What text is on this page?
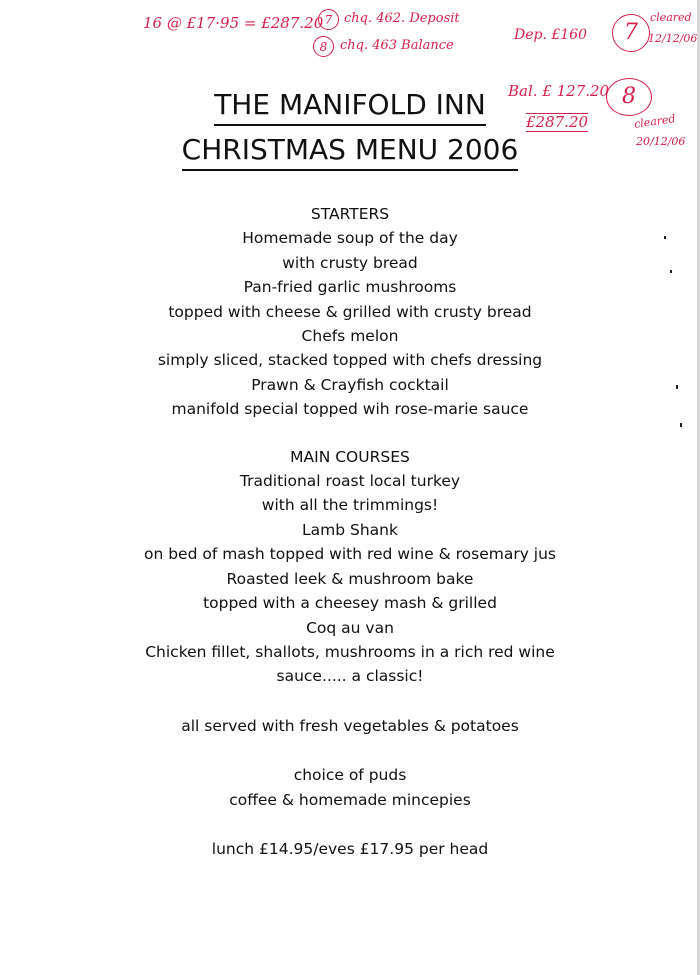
16 @ £17·95 = £287.20 7 chq. 462. Deposit
8 chq. 463 Balance
Dep. £160	7
cleared
12/12/06
Bal. £ 127.20
£287.20
8
cleared
20/12/06
THE MANIFOLD INN
CHRISTMAS MENU 2006
STARTERS
Homemade soup of the day
with crusty bread
Pan-fried garlic mushrooms
topped with cheese & grilled with crusty bread
Chefs melon
simply sliced, stacked topped with chefs dressing
Prawn & Crayfish cocktail
manifold special topped wih rose-marie sauce
MAIN COURSES
Traditional roast local turkey
with all the trimmings!
Lamb Shank
on bed of mash topped with red wine & rosemary jus
Roasted leek & mushroom bake
topped with a cheesey mash & grilled
Coq au van
Chicken fillet, shallots, mushrooms in a rich red wine
sauce..... a classic!
all served with fresh vegetables & potatoes
choice of puds
coffee & homemade mincepies
lunch £14.95/eves £17.95 per head
